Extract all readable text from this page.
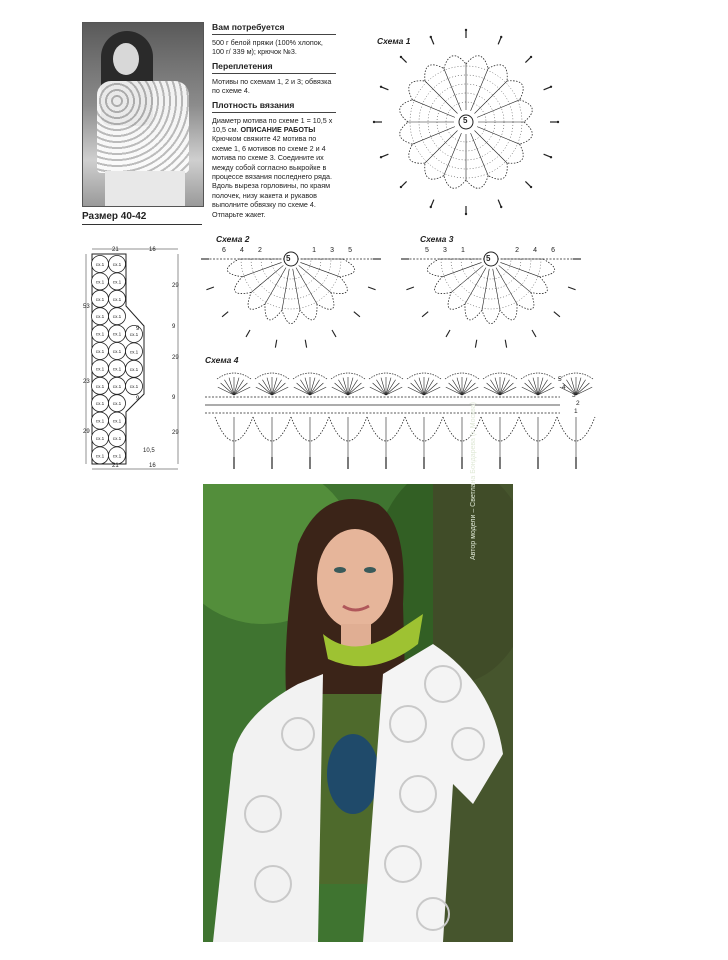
Размер 40-42
Вам потребуется

500 г белой пряжи (100% хлопок, 100 г/ 339 м); крючок №3.

Переплетения

Мотивы по схемам 1, 2 и 3; обвязка по схеме 4.

Плотность вязания

Диаметр мотива по схеме 1 = 10,5 х 10,5 см. ОПИСАНИЕ РАБОТЫ Крючком свяжите 42 мотива по схеме 1, 6 мотивов по схеме 2 и 4 мотива по схеме 3. Соедините их между собой согласно выкройке в процессе вязания последнего ряда. Вдоль выреза горловины, по краям полочек, низу жакета и рукавов выполните обвязку по схеме 4. Отпарьте жакет.

Схема 1
Схема 2	Схема 3
Схема 4
5
5
6 4 2	1 3 5
5
5 3 1	2 4 6
5
4
3
2
1
сх.1 сх.1
сх.1 сх.1
сх.1 сх.1
сх.1 сх.1
сх.1 сх.1
сх.1 сх.1
сх.1 сх.1
сх.1 сх.1
сх.1 сх.1
сх.1 сх.1
сх.1 сх.1
сх.1 сх.1
сх.1
сх.1
сх.1
сх.1
21	16
21	16
53
23
29
29
9
29
9
29
9
9
10,5	Автор модели – Светлана Бондарева (г. Москва)
